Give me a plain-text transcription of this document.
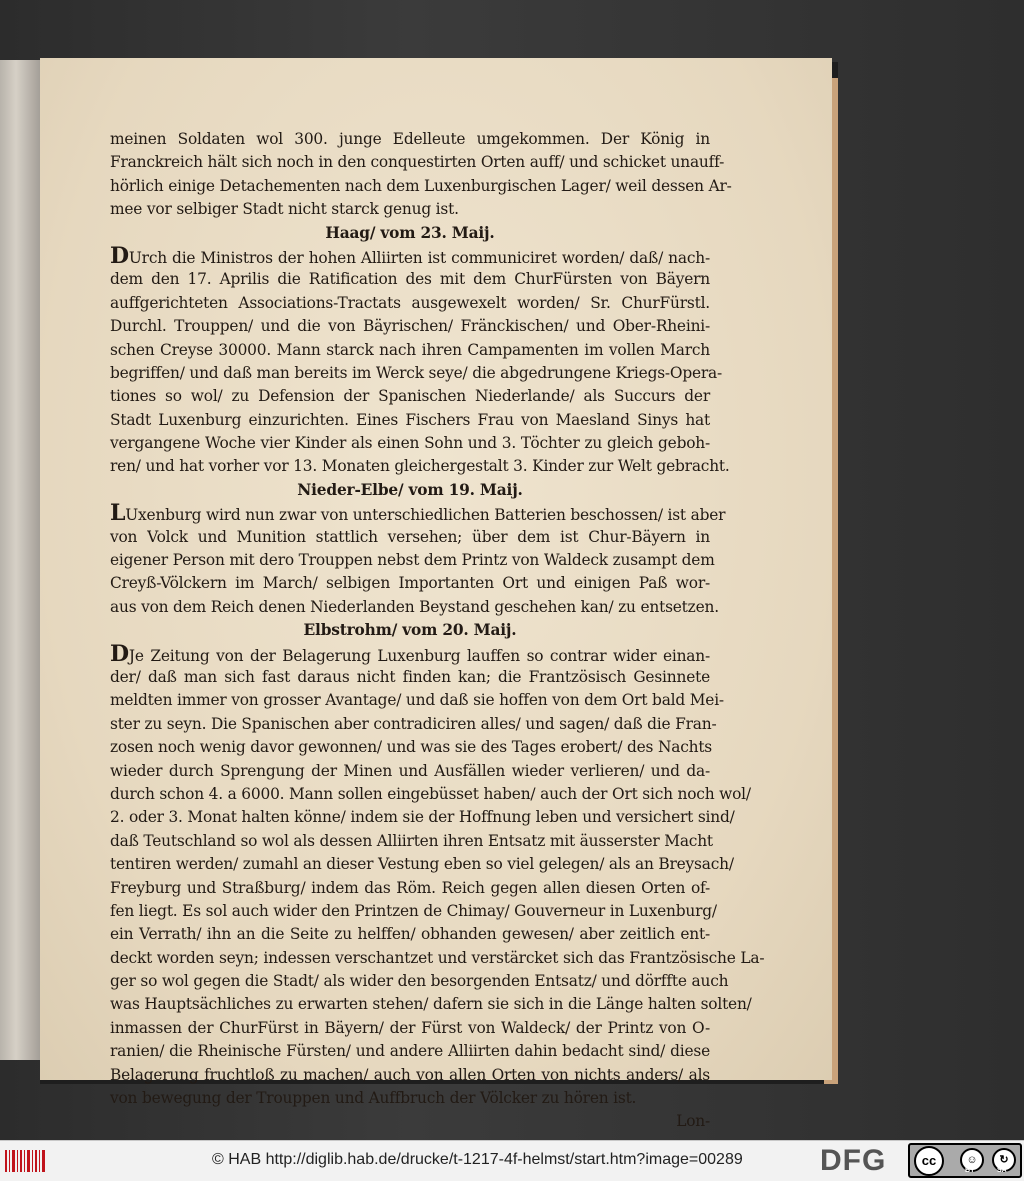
meinen Soldaten wol 300. junge Edelleute umgekommen. Der König in
Franckreich hält sich noch in den conquestirten Orten auff/ und schicket unauff-
hörlich einige Detachementen nach dem Luxenburgischen Lager/ weil dessen Ar-
mee vor selbiger Stadt nicht starck genug ist.
Haag/ vom 23. Maij.
DUrch die Ministros der hohen Alliirten ist communiciret worden/ daß/ nach-
dem den 17. Aprilis die Ratification des mit dem ChurFürsten von Bäyern
auffgerichteten Associations-Tractats ausgewexelt worden/ Sr. ChurFürstl.
Durchl. Trouppen/ und die von Bäyrischen/ Fränckischen/ und Ober-Rheini-
schen Creyse 30000. Mann starck nach ihren Campamenten im vollen March
begriffen/ und daß man bereits im Werck seye/ die abgedrungene Kriegs-Opera-
tiones so wol/ zu Defension der Spanischen Niederlande/ als Succurs der
Stadt Luxenburg einzurichten. Eines Fischers Frau von Maesland Sinys hat
vergangene Woche vier Kinder als einen Sohn und 3. Töchter zu gleich geboh-
ren/ und hat vorher vor 13. Monaten gleichergestalt 3. Kinder zur Welt gebracht.
Nieder-Elbe/ vom 19. Maij.
LUxenburg wird nun zwar von unterschiedlichen Batterien beschossen/ ist aber
von Volck und Munition stattlich versehen; über dem ist Chur-Bäyern in
eigener Person mit dero Trouppen nebst dem Printz von Waldeck zusampt dem
Creyß-Völckern im March/ selbigen Importanten Ort und einigen Paß wor-
aus von dem Reich denen Niederlanden Beystand geschehen kan/ zu entsetzen.
Elbstrohm/ vom 20. Maij.
DJe Zeitung von der Belagerung Luxenburg lauffen so contrar wider einan-
der/ daß man sich fast daraus nicht finden kan; die Frantzösisch Gesinnete
meldten immer von grosser Avantage/ und daß sie hoffen von dem Ort bald Mei-
ster zu seyn. Die Spanischen aber contradiciren alles/ und sagen/ daß die Fran-
zosen noch wenig davor gewonnen/ und was sie des Tages erobert/ des Nachts
wieder durch Sprengung der Minen und Ausfällen wieder verlieren/ und da-
durch schon 4. a 6000. Mann sollen eingebüsset haben/ auch der Ort sich noch wol/
2. oder 3. Monat halten könne/ indem sie der Hoffnung leben und versichert sind/
daß Teutschland so wol als dessen Alliirten ihren Entsatz mit äusserster Macht
tentiren werden/ zumahl an dieser Vestung eben so viel gelegen/ als an Breysach/
Freyburg und Straßburg/ indem das Röm. Reich gegen allen diesen Orten of-
fen liegt. Es sol auch wider den Printzen de Chimay/ Gouverneur in Luxenburg/
ein Verrath/ ihn an die Seite zu helffen/ obhanden gewesen/ aber zeitlich ent-
deckt worden seyn; indessen verschantzet und verstärcket sich das Frantzösische La-
ger so wol gegen die Stadt/ als wider den besorgenden Entsatz/ und dörffte auch
was Hauptsächliches zu erwarten stehen/ dafern sie sich in die Länge halten solten/
inmassen der ChurFürst in Bäyern/ der Fürst von Waldeck/ der Printz von O-
ranien/ die Rheinische Fürsten/ und andere Alliirten dahin bedacht sind/ diese
Belagerung fruchtloß zu machen/ auch von allen Orten von nichts anders/ als
von bewegung der Trouppen und Auffbruch der Völcker zu hören ist.
Lon-
© HAB http://diglib.hab.de/drucke/t-1217-4f-helmst/start.htm?image=00289	DFG	cc	☺	↻
BY	SA
